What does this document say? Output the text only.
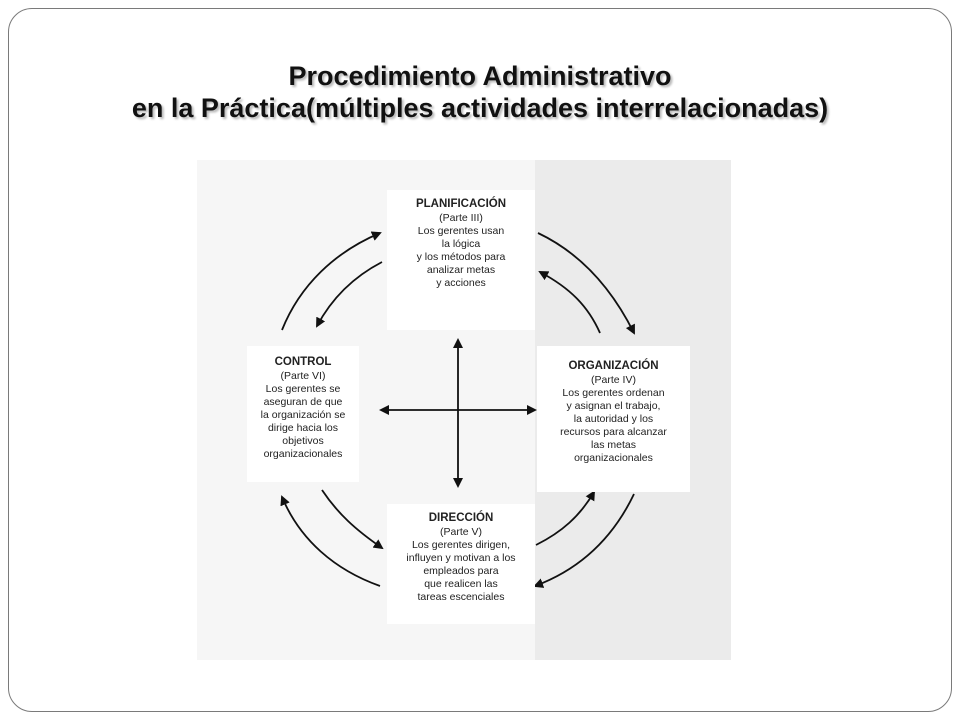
Procedimiento Administrativo
en la Práctica(múltiples actividades interrelacionadas)
PLANIFICACIÓN
(Parte III)
Los gerentes usan
la lógica
y los métodos para
analizar metas
y acciones
ORGANIZACIÓN
(Parte IV)
Los gerentes ordenan
y asignan el trabajo,
la autoridad y los
recursos para alcanzar
las metas
organizacionales
DIRECCIÓN
(Parte V)
Los gerentes dirigen,
influyen y motivan a los
empleados para
que realicen las
tareas escenciales
CONTROL
(Parte VI)
Los gerentes se
aseguran de que
la organización se
dirige hacia los
objetivos
organizacionales
